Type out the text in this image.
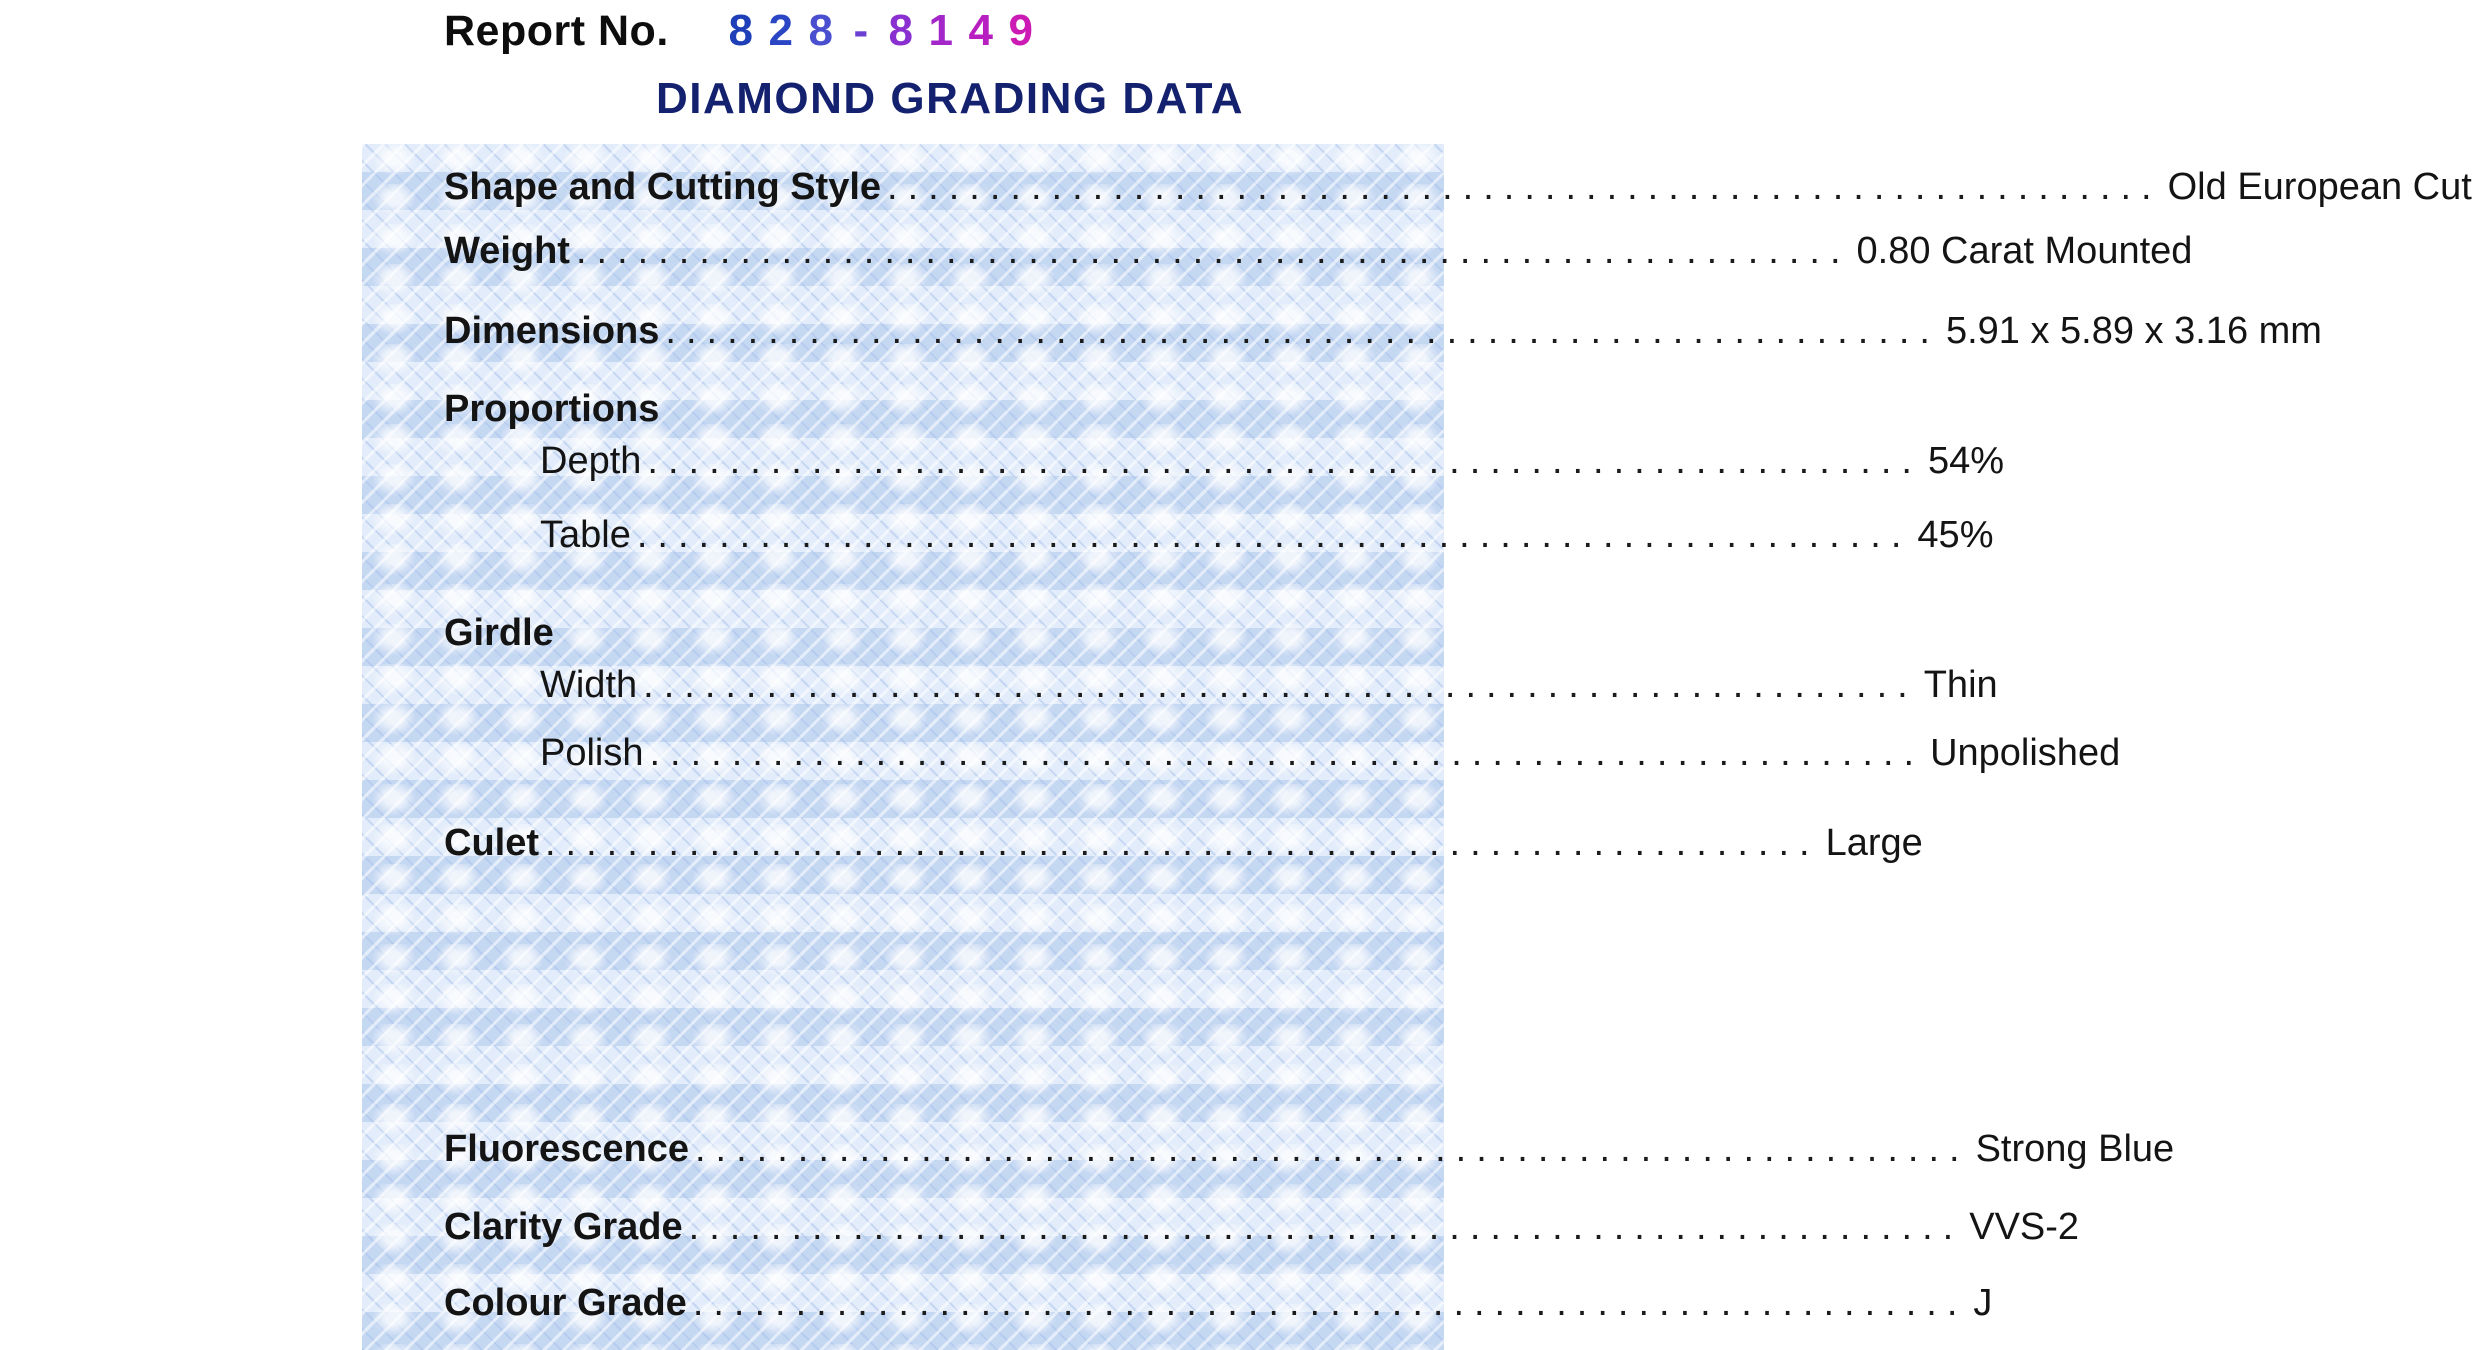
Report No. 8 2 8 - 8 1 4 9
DIAMOND GRADING DATA
Shape and Cutting Style .............................................................. Old European Cut
Weight .............................................................. 0.80 Carat Mounted
Dimensions .............................................................. 5.91 x 5.89 x 3.16 mm
Proportions
Depth .............................................................. 54%
Table .............................................................. 45%
Girdle
Width .............................................................. Thin
Polish .............................................................. Unpolished
Culet .............................................................. Large
Fluorescence .............................................................. Strong Blue
Clarity Grade .............................................................. VVS-2
Colour Grade .............................................................. J
